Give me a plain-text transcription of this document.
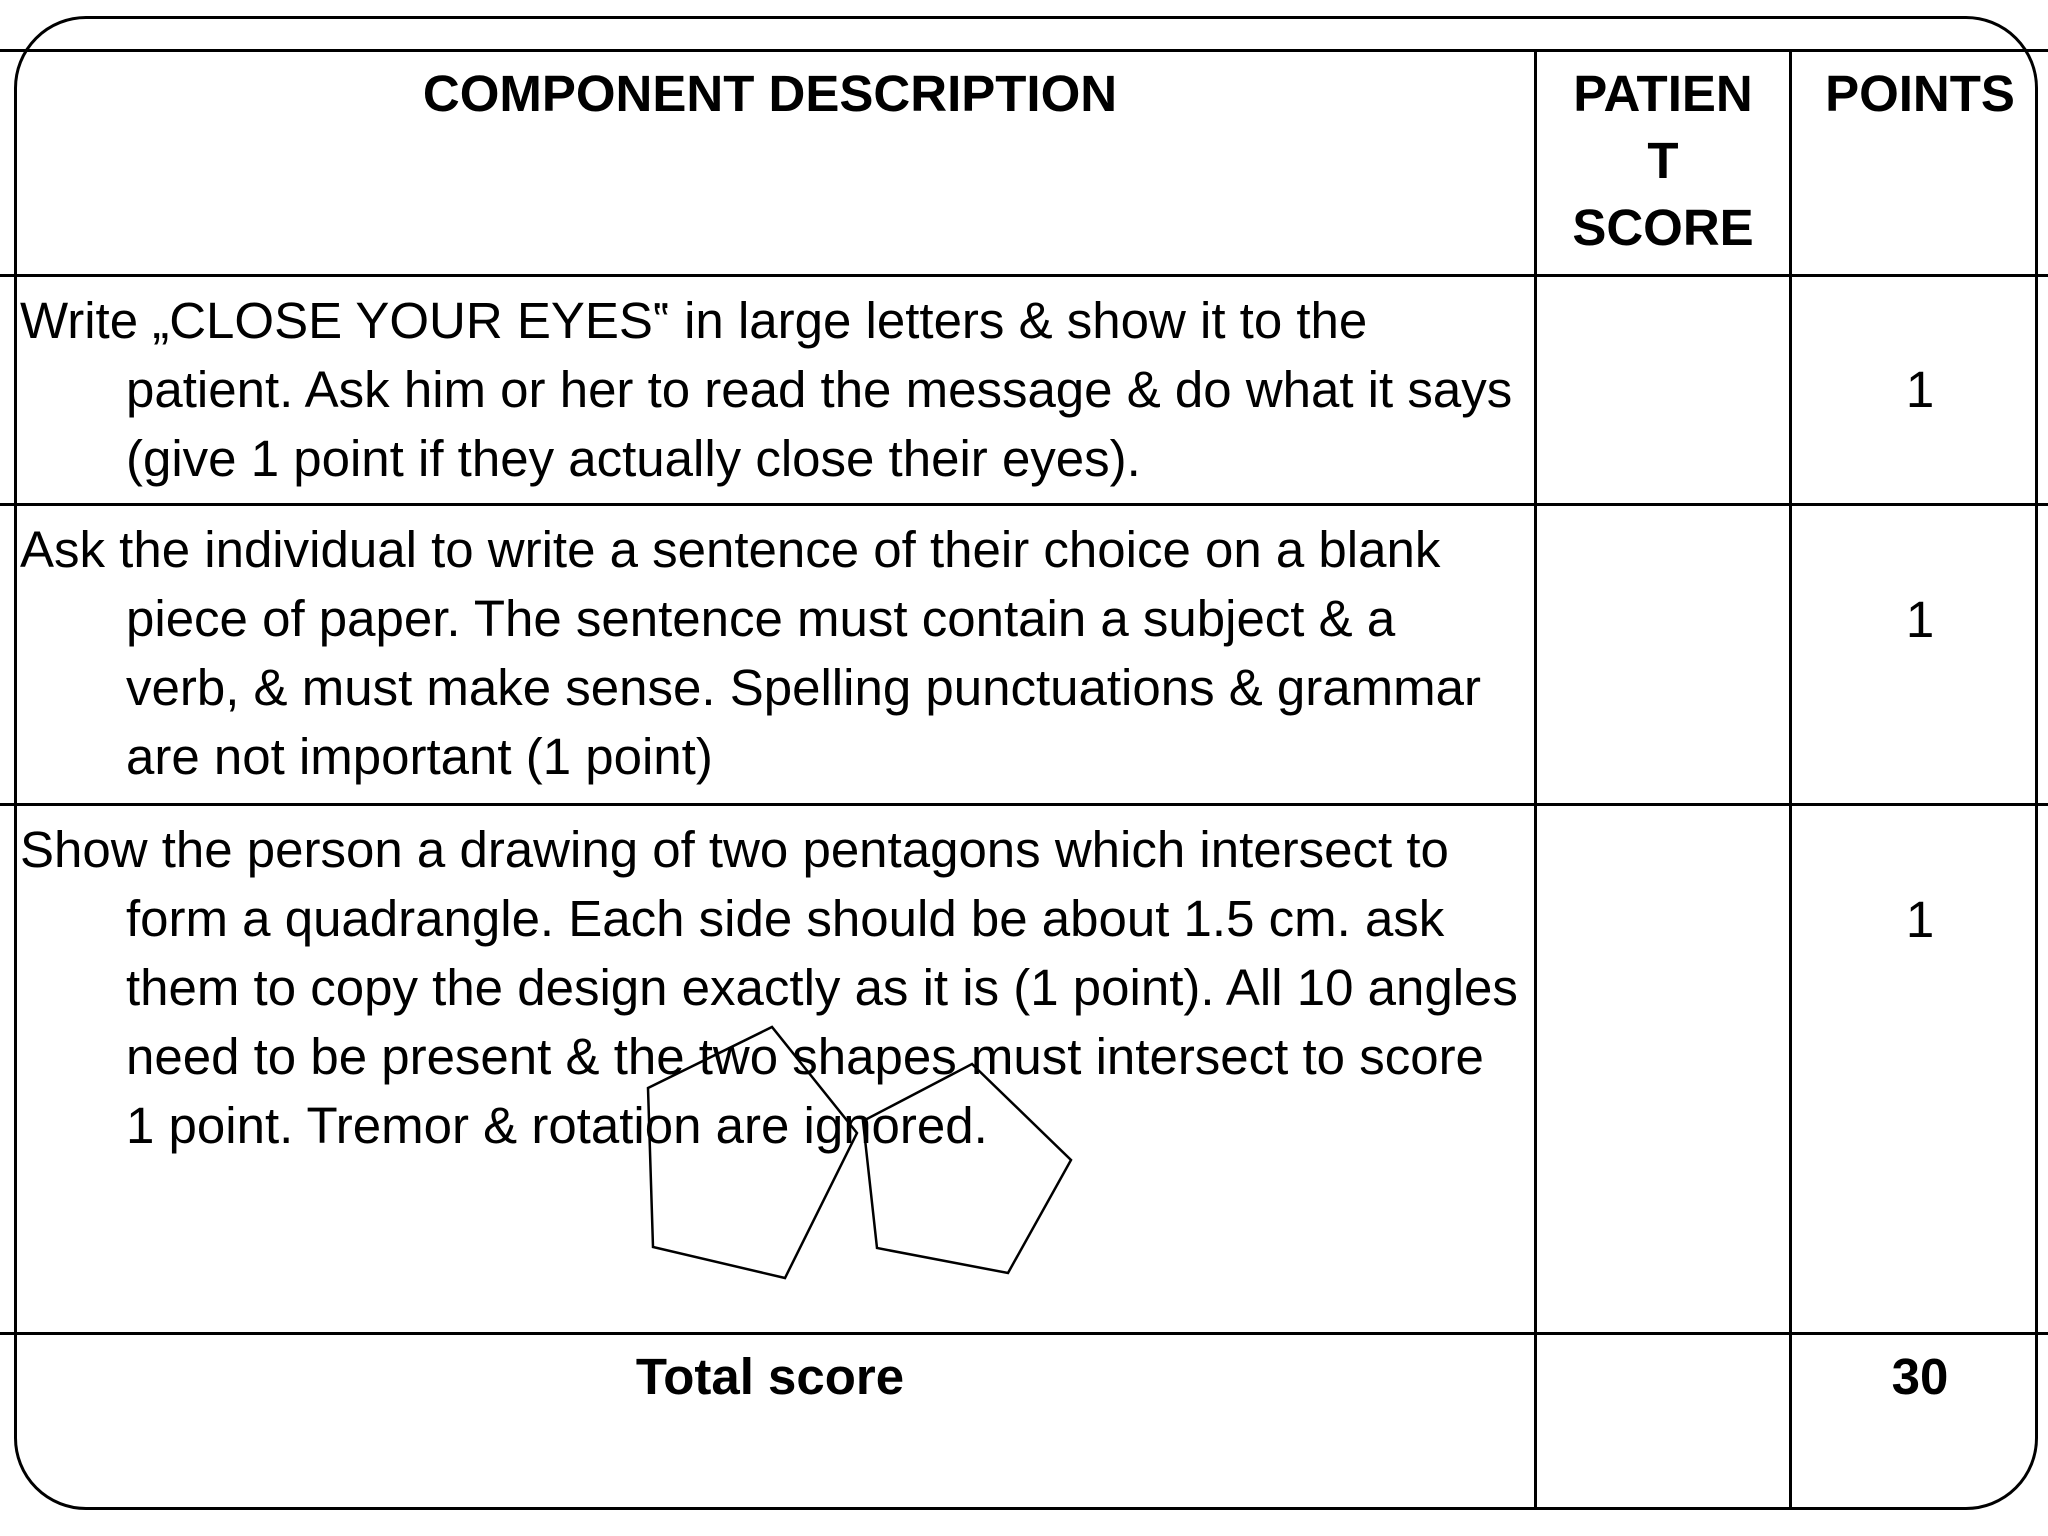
COMPONENT DESCRIPTION	PATIEN
T
SCORE
POINTS
Write „CLOSE YOUR EYES‟ in large letters & show it to the patient. Ask him or her to read the message & do what it says (give 1 point if they actually close their eyes).
1
Ask the individual to write a sentence of their choice on a blank piece of paper. The sentence must contain a subject & a verb, & must make sense. Spelling punctuations & grammar are not important (1 point)
1
Show the person a drawing of two pentagons which intersect to form a quadrangle. Each side should be about 1.5 cm. ask them to copy the design exactly as it is (1 point). All 10 angles need to be present & the two shapes must intersect to score 1 point. Tremor & rotation are ignored.
1
Total score	30
